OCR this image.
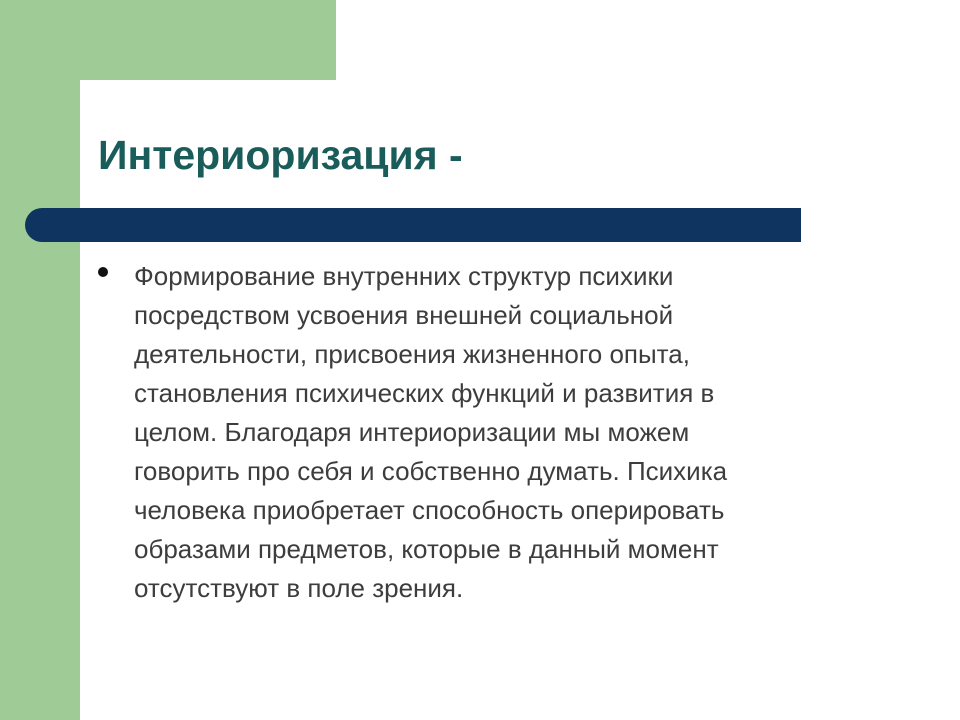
Интериоризация -

Формирование внутренних структур психики
посредством усвоения внешней социальной
деятельности, присвоения жизненного опыта,
становления психических функций и развития в
целом. Благодаря интериоризации мы можем
говорить про себя и собственно думать. Психика
человека приобретает способность оперировать
образами предметов, которые в данный момент
отсутствуют в поле зрения.
